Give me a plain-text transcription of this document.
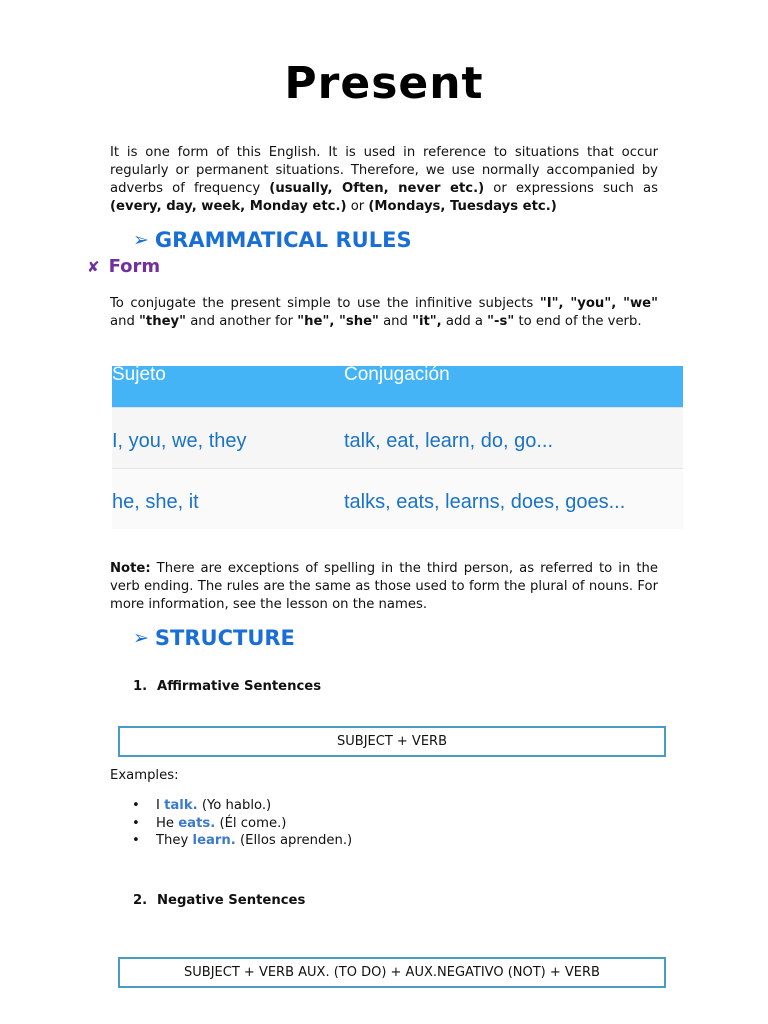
Present
It is one form of this English. It is used in reference to situations that occur regularly or permanent situations. Therefore, we use normally accompanied by adverbs of frequency (usually, Often, never etc.) or expressions such as (every, day, week, Monday etc.) or (Mondays, Tuesdays etc.)
➢ GRAMMATICAL RULES
✘ Form
To conjugate the present simple to use the infinitive subjects "I", "you", "we" and "they" and another for "he", "she" and "it", add a "-s" to end of the verb.
Sujeto	Conjugación
I, you, we, they	talk, eat, learn, do, go...
he, she, it	talks, eats, learns, does, goes...
Note: There are exceptions of spelling in the third person, as referred to in the verb ending. The rules are the same as those used to form the plural of nouns. For more information, see the lesson on the names.
➢ STRUCTURE
1. Affirmative Sentences
SUBJECT + VERB
Examples:
•	I talk. (Yo hablo.)
•	He eats. (Él come.)
•	They learn. (Ellos aprenden.)
2. Negative Sentences
SUBJECT + VERB AUX. (TO DO) + AUX.NEGATIVO (NOT) + VERB
